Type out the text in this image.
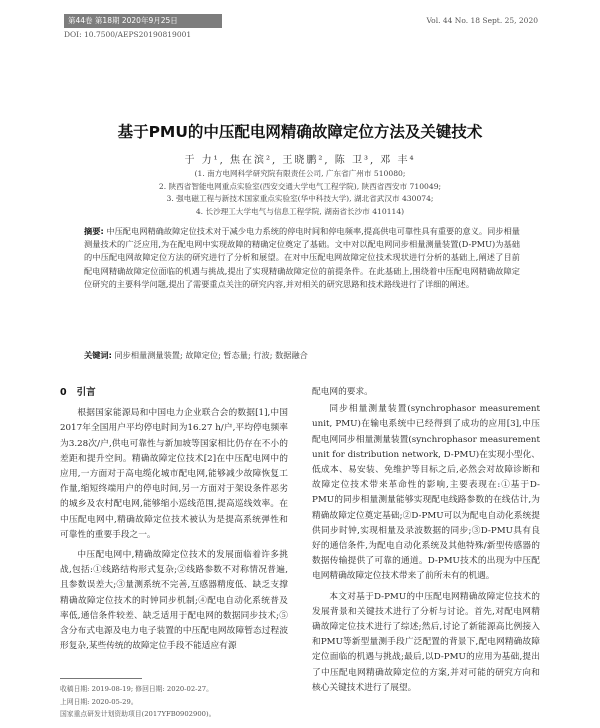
第44卷 第18期 2020年9月25日	Vol. 44 No. 18 Sept. 25, 2020
DOI: 10.7500/AEPS20190819001
基于PMU的中压配电网精确故障定位方法及关键技术
于 力¹, 焦在滨², 王晓鹏², 陈 卫³, 邓 丰⁴
(1. 南方电网科学研究院有限责任公司, 广东省广州市 510080;
2. 陕西省智能电网重点实验室(西安交通大学电气工程学院), 陕西省西安市 710049;
3. 强电磁工程与新技术国家重点实验室(华中科技大学), 湖北省武汉市 430074;
4. 长沙理工大学电气与信息工程学院, 湖南省长沙市 410114)
摘要: 中压配电网精确故障定位技术对于减少电力系统的停电时间和停电频率,提高供电可靠性具有重要的意义。同步相量测量技术的广泛应用,为在配电网中实现故障的精确定位奠定了基础。文中对以配电网同步相量测量装置(D-PMU)为基础的中压配电网故障定位方法的研究进行了分析和展望。在对中压配电网故障定位技术现状进行分析的基础上,阐述了目前配电网精确故障定位面临的机遇与挑战,提出了实现精确故障定位的前提条件。在此基础上,围绕着中压配电网精确故障定位研究的主要科学问题,提出了需要重点关注的研究内容,并对相关的研究思路和技术路线进行了详细的阐述。
关键词: 同步相量测量装置; 故障定位; 暂态量; 行波; 数据融合
0 引言

根据国家能源局和中国电力企业联合会的数据[1],中国2017年全国用户平均停电时间为16.27 h/户,平均停电频率为3.28次/户,供电可靠性与新加坡等国家相比仍存在不小的差距和提升空间。精确故障定位技术[2]在中压配电网中的应用,一方面对于高电缆化城市配电网,能够减少故障恢复工作量,缩短终端用户的停电时间,另一方面对于架设条件恶劣的城乡及农村配电网,能够缩小巡线范围,提高巡线效率。在中压配电网中,精确故障定位技术被认为是提高系统弹性和可靠性的重要手段之一。

中压配电网中,精确故障定位技术的发展面临着许多挑战,包括:①线路结构形式复杂;②线路参数不对称情况普遍,且参数误差大;③量测系统不完善,互感器精度低、缺乏支撑精确故障定位技术的时钟同步机制;④配电自动化系统普及率低,通信条件较差、缺乏适用于配电网的数据同步技术;⑤含分布式电源及电力电子装置的中压配电网故障暂态过程波形复杂,某些传统的故障定位手段不能适应有源

配电网的要求。

同步相量测量装置(synchrophasor measurement unit, PMU)在输电系统中已经得到了成功的应用[3],中压配电网同步相量测量装置(synchrophasor measurement unit for distribution network, D-PMU)在实现小型化、低成本、易安装、免维护等目标之后,必然会对故障诊断和故障定位技术带来革命性的影响,主要表现在:①基于D-PMU的同步相量测量能够实现配电线路参数的在线估计,为精确故障定位奠定基础;②D-PMU可以为配电自动化系统提供同步时钟,实现相量及录波数据的同步;③D-PMU具有良好的通信条件,为配电自动化系统及其他特殊/新型传感器的数据传输提供了可靠的通道。D-PMU技术的出现为中压配电网精确故障定位技术带来了前所未有的机遇。

本文对基于D-PMU的中压配电网精确故障定位技术的发展背景和关键技术进行了分析与讨论。首先,对配电网精确故障定位技术进行了综述;然后,讨论了新能源高比例接入和PMU等新型量测手段广泛配置的背景下,配电网精确故障定位面临的机遇与挑战;最后,以D-PMU的应用为基础,提出了中压配电网精确故障定位的方案,并对可能的研究方向和核心关键技术进行了展望。

收稿日期: 2019-08-19; 修回日期: 2020-02-27。
上网日期: 2020-05-29。
国家重点研发计划资助项目(2017YFB0902900)。
